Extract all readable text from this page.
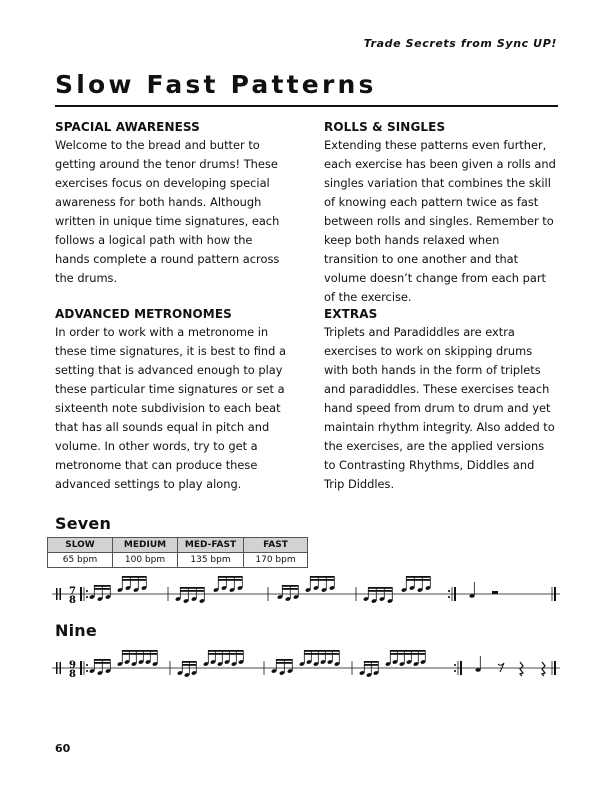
Trade Secrets from Sync UP!
Slow Fast Patterns
SPACIAL AWARENESS

Welcome to the bread and butter to getting around the tenor drums! These exercises focus on developing special awareness for both hands. Although written in unique time signatures, each follows a logical path with how the hands complete a round pattern across the drums.

ROLLS & SINGLES

Extending these patterns even further, each exercise has been given a rolls and singles variation that combines the skill of knowing each pattern twice as fast between rolls and singles. Remember to keep both hands relaxed when transition to one another and that volume doesn’t change from each part of the exercise.

ADVANCED METRONOMES

In order to work with a metronome in these time signatures, it is best to find a setting that is advanced enough to play these particular time signatures or set a sixteenth note subdivision to each beat that has all sounds equal in pitch and volume. In other words, try to get a metronome that can produce these advanced settings to play along.

EXTRAS

Triplets and Paradiddles are extra exercises to work on skipping drums with both hands in the form of triplets and paradiddles. These exercises teach hand speed from drum to drum and yet maintain rhythm integrity. Also added to the exercises, are the applied versions to Contrasting Rhythms, Diddles and Trip Diddles.

Seven
SLOW	MEDIUM	MED-FAST	FAST
65 bpm	100 bpm	135 bpm	170 bpm
7
8
Nine
9
8
60
